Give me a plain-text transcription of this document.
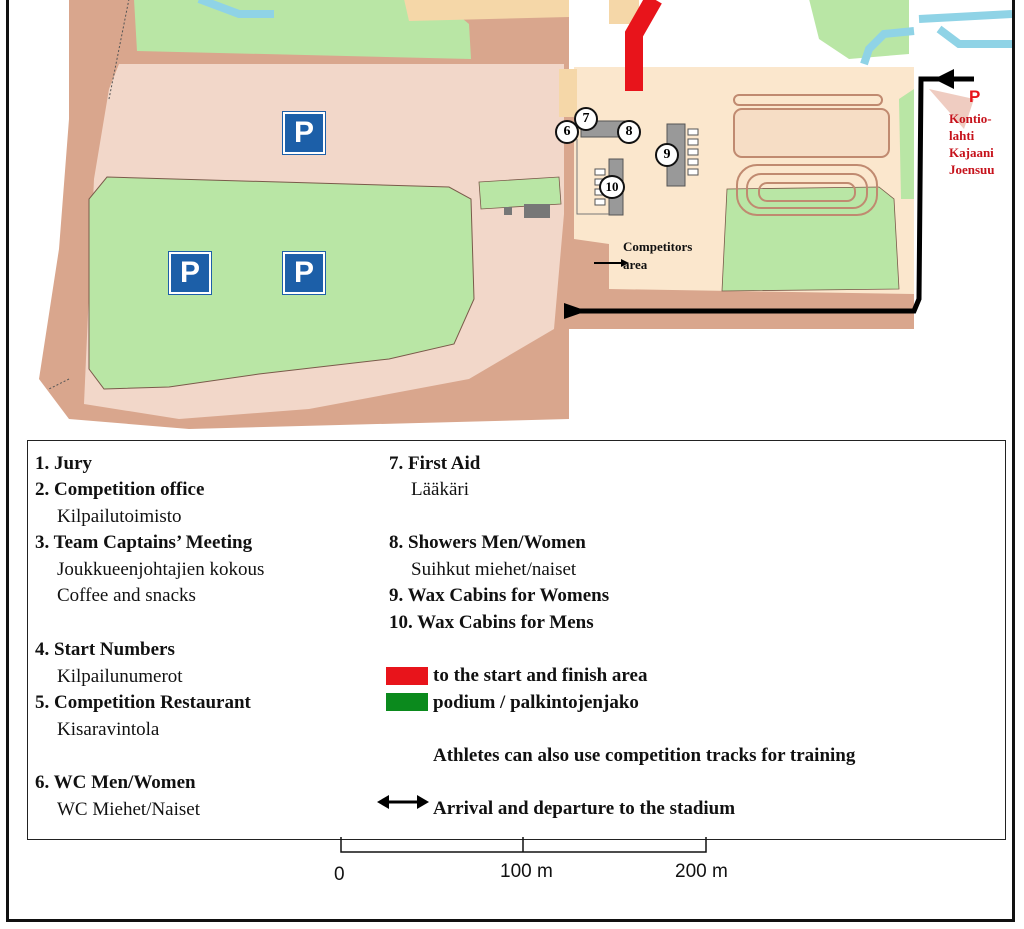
P
P	P
P
Kontio-
lahti
Kajaani
Joensuu
Competitors
area
6
7
8
9
10
1. Jury
2. Competition office
Kilpailutoimisto
3. Team Captains’ Meeting
Joukkueenjohtajien kokous
Coffee and snacks
4. Start Numbers
Kilpailunumerot
5. Competition Restaurant
Kisaravintola
6. WC Men/Women
WC Miehet/Naiset
7. First Aid
Lääkäri
8. Showers Men/Women
Suihkut miehet/naiset
9. Wax Cabins for Womens
10. Wax Cabins for Mens
to the start and finish area
podium / palkintojenjako
Athletes can also use competition tracks for training
Arrival and departure to the stadium
0	100 m	200 m
